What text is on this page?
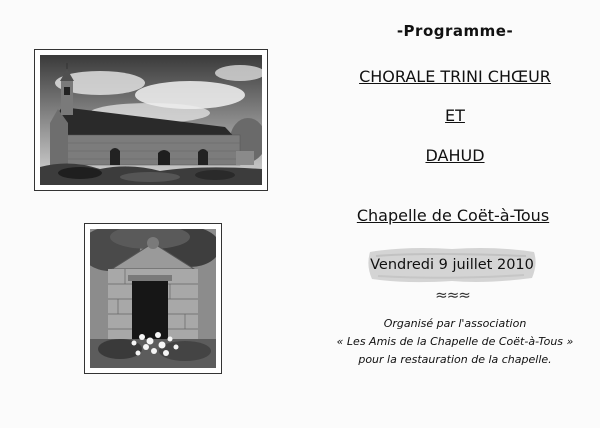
-Programme-
CHORALE TRINI CHŒUR
ET
DAHUD
Chapelle de Coët-à-Tous
Vendredi 9 juillet 2010
≈≈≈
Organisé par l'association
« Les Amis de la Chapelle de Coët-à-Tous »
pour la restauration de la chapelle.
